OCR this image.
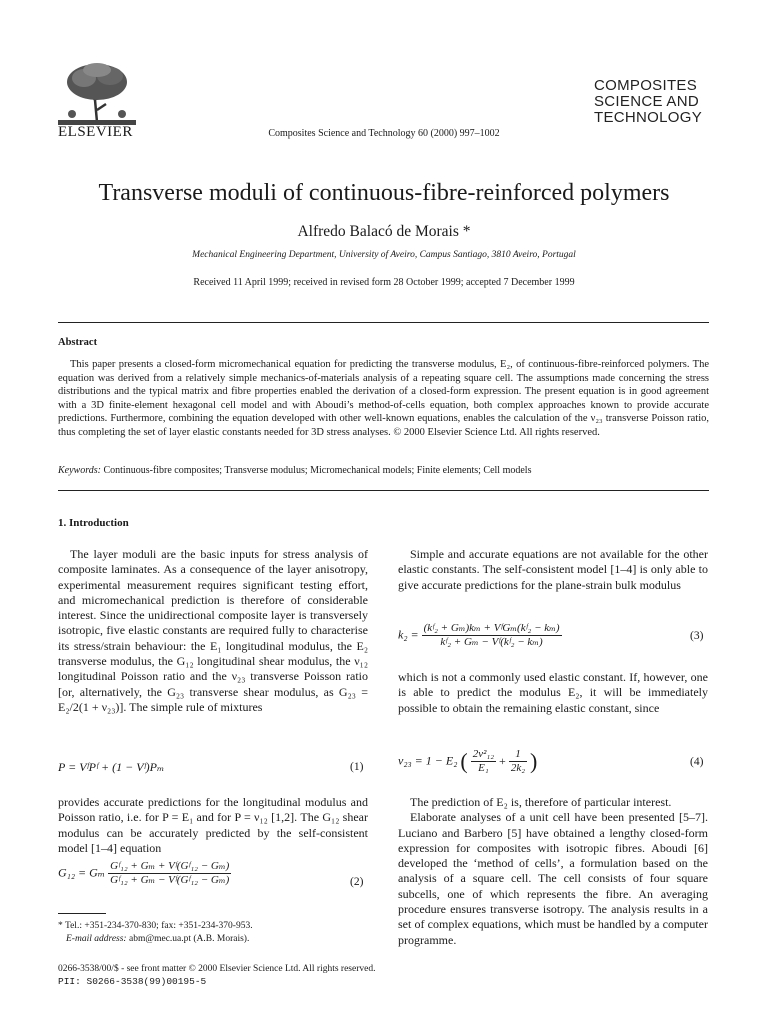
ELSEVIER	Composites Science and Technology 60 (2000) 997–1002
COMPOSITES
SCIENCE AND
TECHNOLOGY
Transverse moduli of continuous-fibre-reinforced polymers
Alfredo Balacó de Morais *
Mechanical Engineering Department, University of Aveiro, Campus Santiago, 3810 Aveiro, Portugal
Received 11 April 1999; received in revised form 28 October 1999; accepted 7 December 1999
Abstract

This paper presents a closed-form micromechanical equation for predicting the transverse modulus, E₂, of continuous-fibre-reinforced polymers. The equation was derived from a relatively simple mechanics-of-materials analysis of a repeating square cell. The assumptions made concerning the stress distributions and the typical matrix and fibre properties enabled the derivation of a closed-form expression. The present equation is in good agreement with a 3D finite-element hexagonal cell model and with Aboudi’s method-of-cells equation, both complex approaches known to provide accurate predictions. Furthermore, combining the equation developed with other well-known equations, enables the calculation of the ν₂₃ transverse Poisson ratio, thus completing the set of layer elastic constants needed for 3D stress analyses. © 2000 Elsevier Science Ltd. All rights reserved.

Keywords: Continuous-fibre composites; Transverse modulus; Micromechanical models; Finite elements; Cell models
1. Introduction

The layer moduli are the basic inputs for stress analysis of composite laminates. As a consequence of the layer anisotropy, experimental measurement requires significant testing effort, and micromechanical prediction is therefore of considerable interest. Since the unidirectional composite layer is transversely isotropic, five elastic constants are required fully to characterise its stress/strain behaviour: the E₁ longitudinal modulus, the E₂ transverse modulus, the G₁₂ longitudinal shear modulus, the ν₁₂ longitudinal Poisson ratio and the ν₂₃ transverse Poisson ratio [or, alternatively, the G₂₃ transverse shear modulus, as G₂₃ = E₂/2(1 + ν₂₃)]. The simple rule of mixtures

P = VᶠPᶠ + (1 − Vᶠ)Pₘ	(1)

provides accurate predictions for the longitudinal modulus and Poisson ratio, i.e. for P = E₁ and for P = ν₁₂ [1,2]. The G₁₂ shear modulus can be accurately predicted by the self-consistent model [1–4] equation

G₁₂ = Gₘ $\frac{\text{Gᶠ₁₂ + Gₘ + Vᶠ(Gᶠ₁₂ − Gₘ)}}{\text{Gᶠ₁₂ + Gₘ − Vᶠ(Gᶠ₁₂ − Gₘ)}}$	(2)
* Tel.: +351-234-370-830; fax: +351-234-370-953.
E-mail address: abm@mec.ua.pt (A.B. Morais).

Simple and accurate equations are not available for the other elastic constants. The self-consistent model [1–4] is only able to give accurate predictions for the plane-strain bulk modulus

$k_2 = \frac{\text{(kᶠ₂ + Gₘ)kₘ + VᶠGₘ(kᶠ₂ − kₘ)}}{\text{kᶠ₂ + Gₘ − Vᶠ(kᶠ₂ − kₘ)}}$	(3)

which is not a commonly used elastic constant. If, however, one is able to predict the modulus E₂, it will be immediately possible to obtain the remaining elastic constant, since

ν₂₃ = 1 − E₂ ( $\frac{\text{2ν²₁₂}}{\text{E₁}} + \frac{1}{\text{2k₂}}$ )	(4)

The prediction of E₂ is, therefore of particular interest.

Elaborate analyses of a unit cell have been presented [5–7]. Luciano and Barbero [5] have obtained a lengthy closed-form expression for composites with isotropic fibres. Aboudi [6] developed the ‘method of cells’, a formulation based on the analysis of a square cell. The cell consists of four square subcells, one of which represents the fibre. An averaging procedure ensures transverse isotropy. The analysis results in a set of complex equations, which must be handled by a computer programme.

0266-3538/00/$ - see front matter © 2000 Elsevier Science Ltd. All rights reserved.
PII: S0266-3538(99)00195-5
